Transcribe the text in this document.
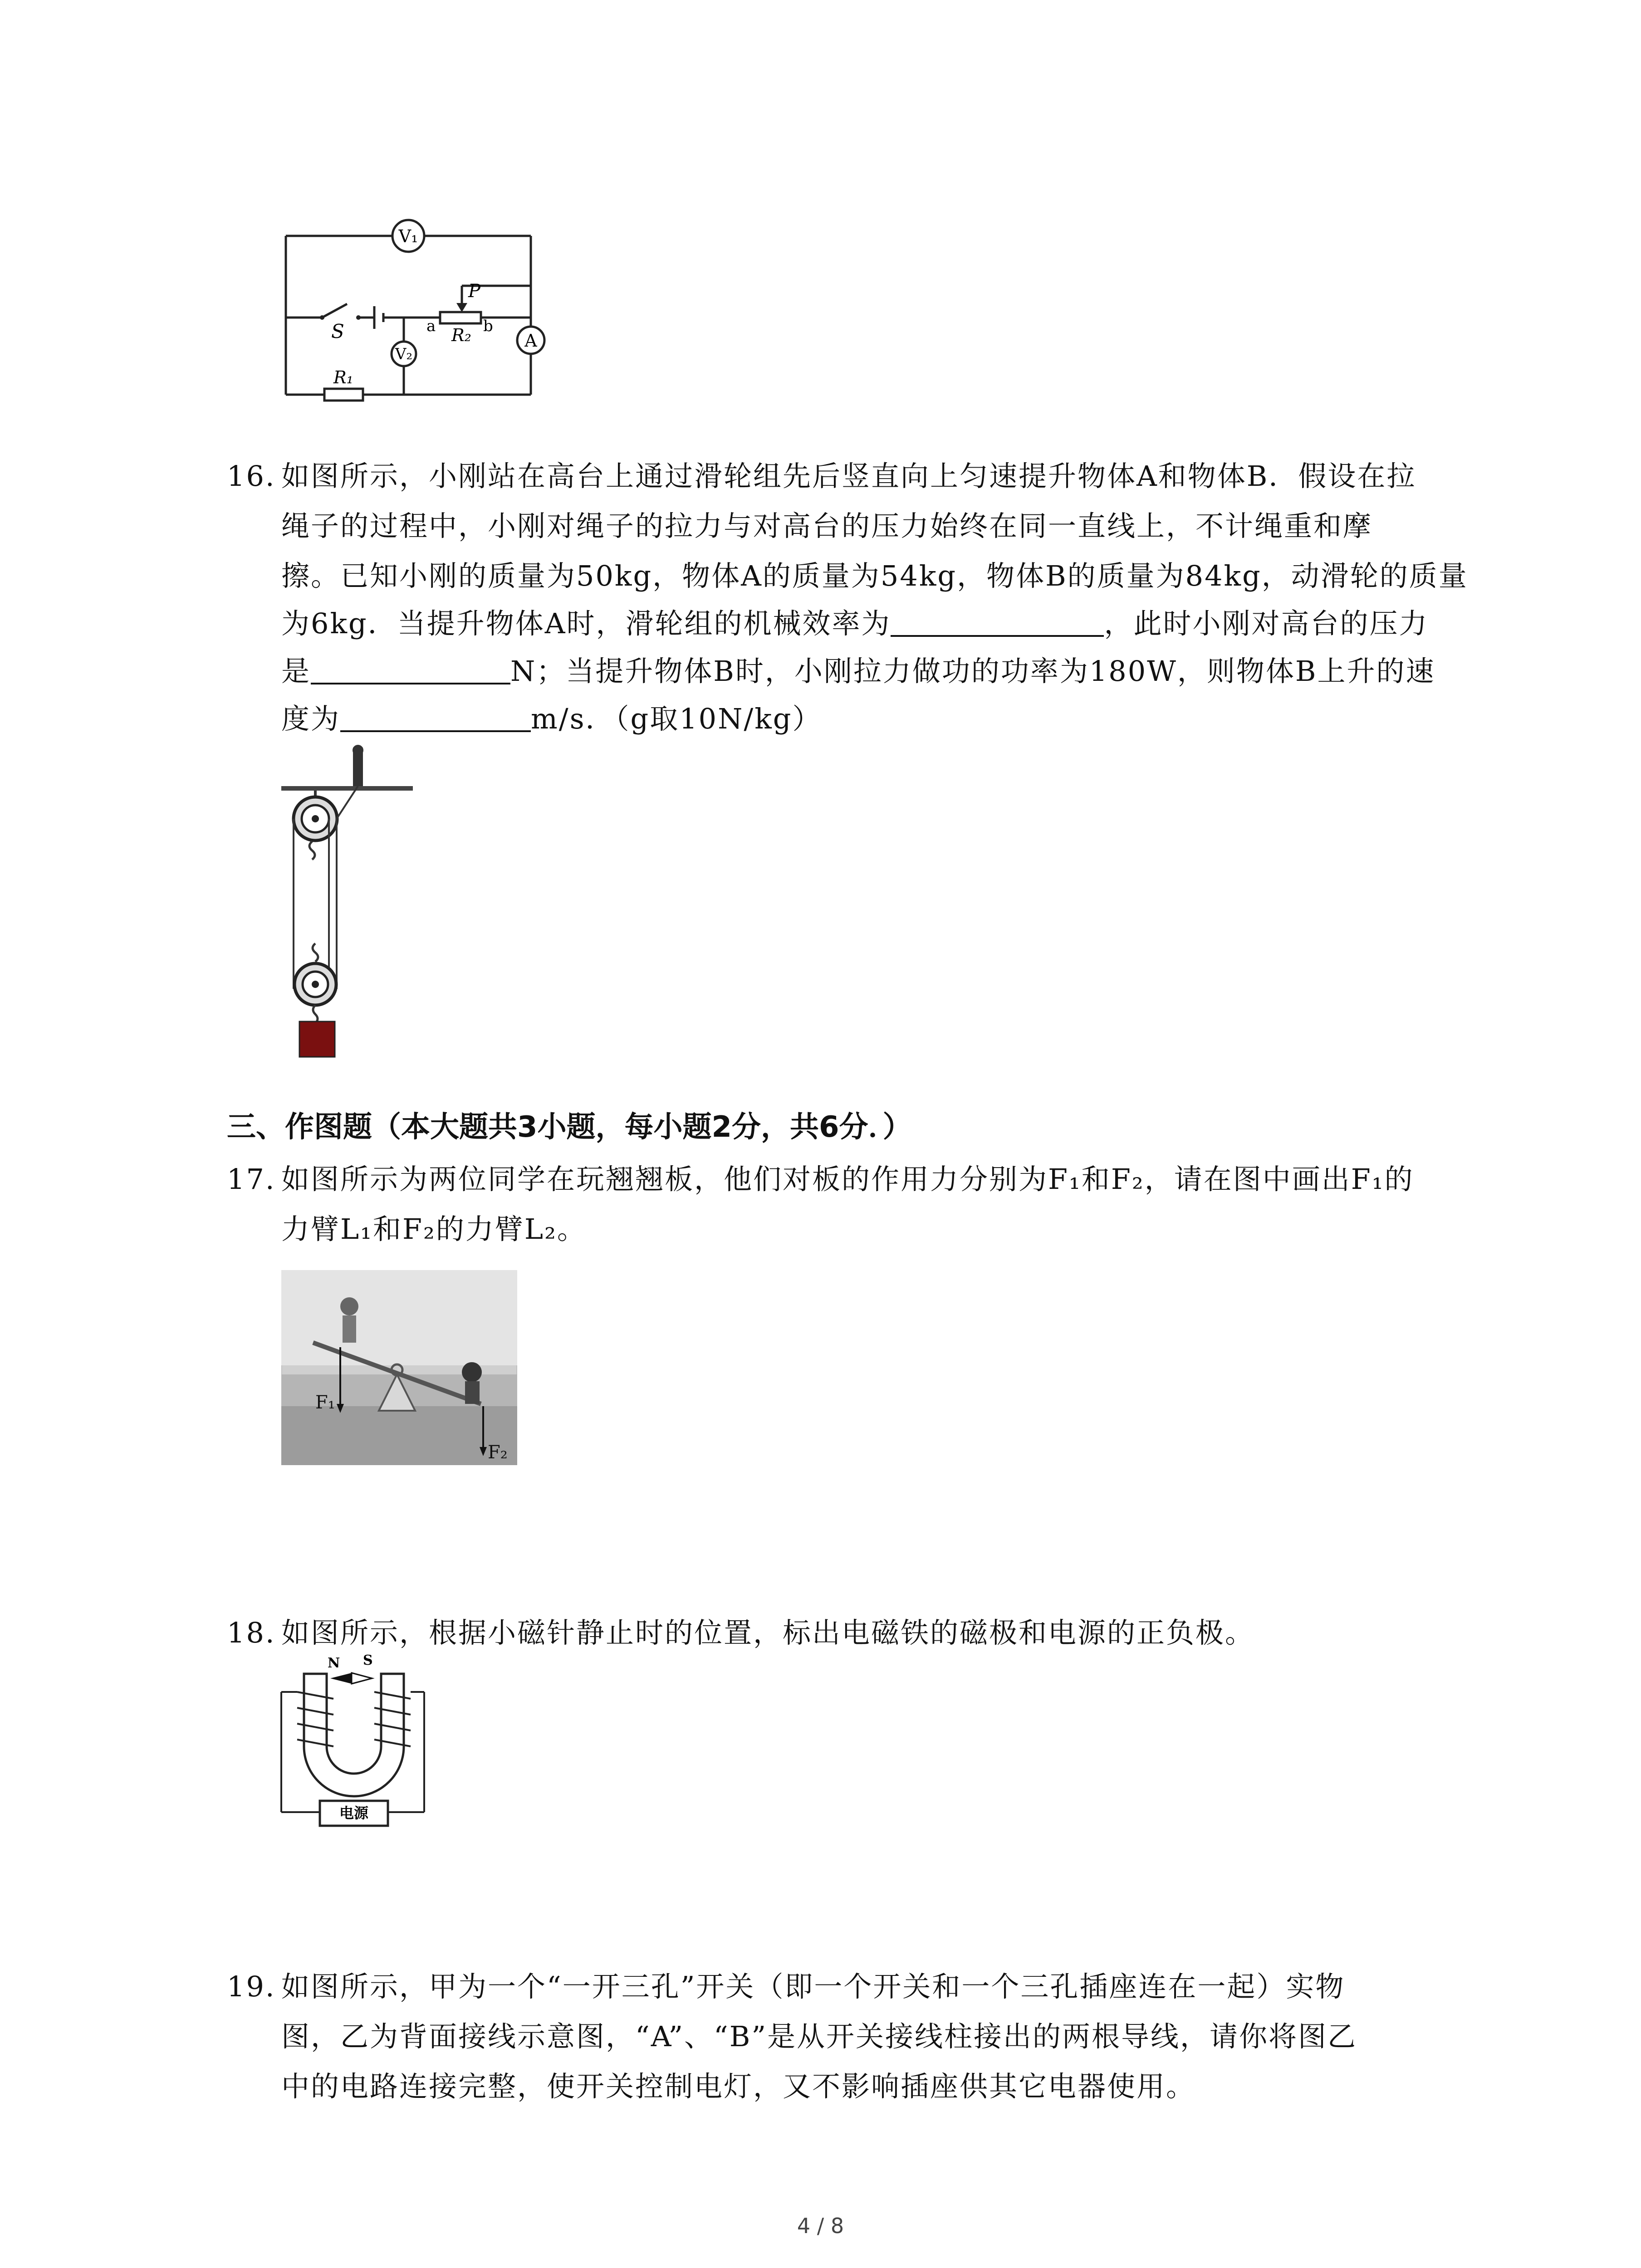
V₁
V₂
A
S
P
R₂
R₁
a	b
16. 如图所示，小刚站在高台上通过滑轮组先后竖直向上匀速提升物体A和物体B．假设在拉
绳子的过程中，小刚对绳子的拉力与对高台的压力始终在同一直线上，不计绳重和摩
擦。已知小刚的质量为50kg，物体A的质量为54kg，物体B的质量为84kg，动滑轮的质量
为6kg．当提升物体A时，滑轮组的机械效率为	，此时小刚对高台的压力
是	N；当提升物体B时，小刚拉力做功的功率为180W，则物体B上升的速
度为	m/s．（g取10N/kg）
三、作图题（本大题共3小题，每小题2分，共6分．）
17. 如图所示为两位同学在玩翘翘板，他们对板的作用力分别为F₁和F₂，请在图中画出F₁的
力臂L₁和F₂的力臂L₂。
F₁
F₂
18. 如图所示，根据小磁针静止时的位置，标出电磁铁的磁极和电源的正负极。
N S
电源
19. 如图所示，甲为一个“一开三孔”开关（即一个开关和一个三孔插座连在一起）实物
图，乙为背面接线示意图，“A”、“B”是从开关接线柱接出的两根导线，请你将图乙
中的电路连接完整，使开关控制电灯，又不影响插座供其它电器使用。
4 / 8
